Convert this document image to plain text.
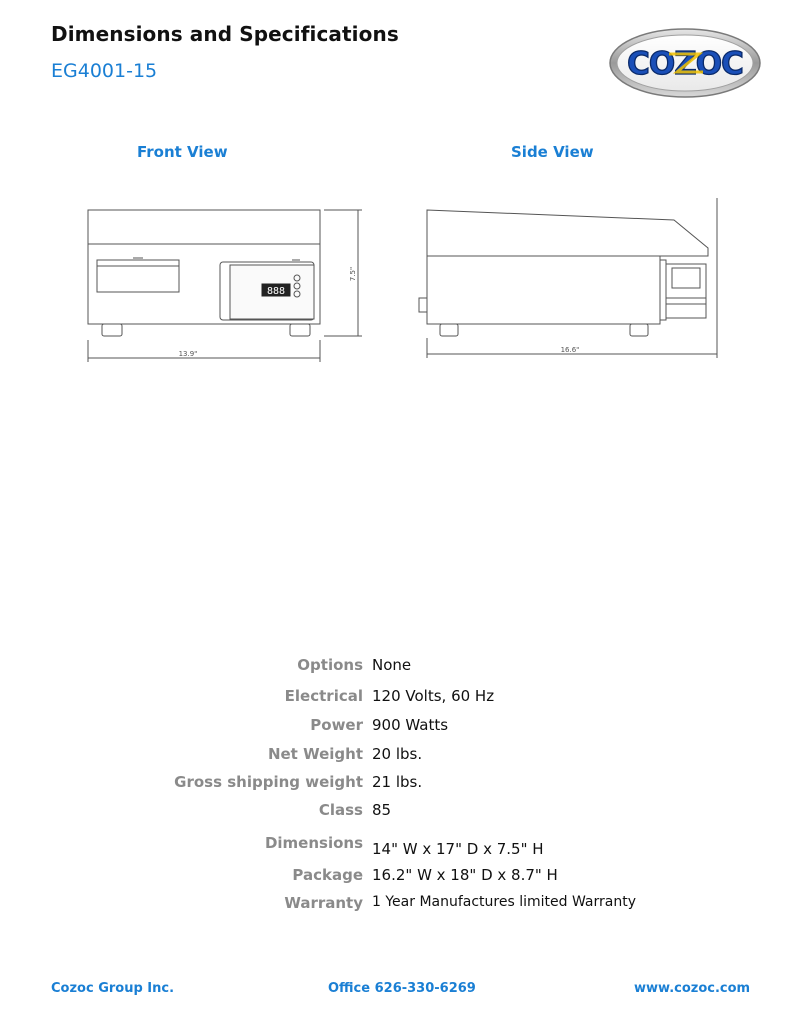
Dimensions and Specifications
EG4001-15	COZOC
Front View	Side View
888
13.9"
7.5"
16.6"
Options None
Electrical 120 Volts, 60 Hz
Power 900 Watts
Net Weight 20 lbs.
Gross shipping weight 21 lbs.
Class 85
Dimensions 14" W x 17" D x 7.5" H
Package 16.2" W x 18" D x 8.7" H
Warranty 1 Year Manufactures limited Warranty
Cozoc Group Inc.	Office 626-330-6269	www.cozoc.com
